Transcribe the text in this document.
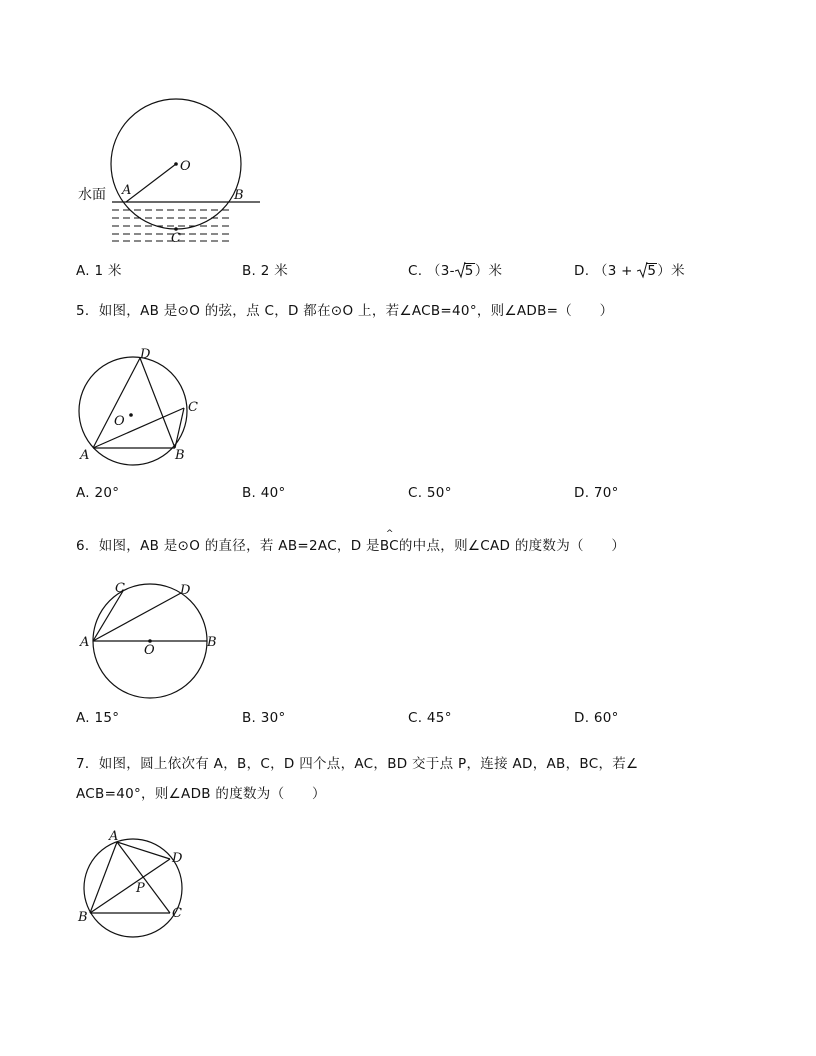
O
A	B
C
水面
A. 1 米	B. 2 米	C. （3- 5）米	D. （3 +
5）米
5．如图，AB 是⊙O 的弦，点 C，D 都在⊙O 上，若∠ACB=40°，则∠ADB=（　　）
D
C
O
A	B
A. 20°	B. 40°	C. 50°	D. 70°
6．如图，AB 是⊙O 的直径，若 AB=2AC，D 是
^
BC的中点，则∠CAD 的度数为（　　）
C	D
A
O
B
A. 15°	B. 30°	C. 45°	D. 60°
7．如图，圆上依次有 A，B，C，D 四个点，AC，BD 交于点 P，连接 AD，AB，BC，若∠
ACB=40°，则∠ADB 的度数为（　　）
A
D
P
B	C
